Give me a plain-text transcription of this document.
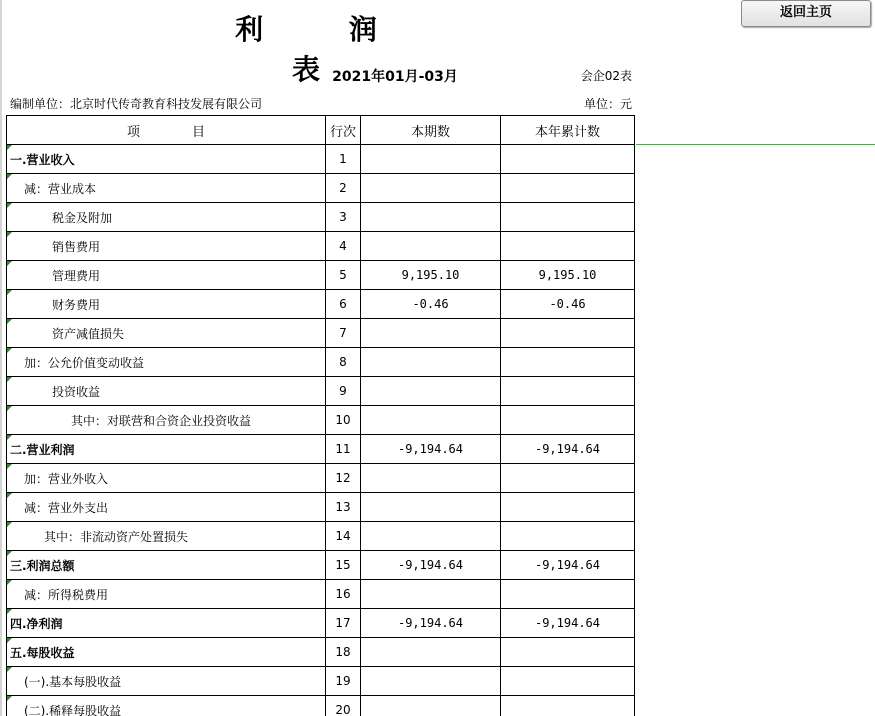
利 润 表
2021年01月-03月	会企02表
编制单位：北京时代传奇教育科技发展有限公司	单位：元
返回主页
项　　　　目	行次	本期数	本年累计数
一.营业收入	1		
减：营业成本	2		
税金及附加	3		
销售费用	4		
管理费用	5	9,195.10	9,195.10
财务费用	6	-0.46	-0.46
资产减值损失	7		
加：公允价值变动收益	8		
投资收益	9		
其中：对联营和合资企业投资收益	10		
二.营业利润	11	-9,194.64	-9,194.64
加：营业外收入	12		
减：营业外支出	13		
其中：非流动资产处置损失	14		
三.利润总额	15	-9,194.64	-9,194.64
减：所得税费用	16		
四.净利润	17	-9,194.64	-9,194.64
五.每股收益	18		
(一).基本每股收益	19		
(二).稀释每股收益	20		
